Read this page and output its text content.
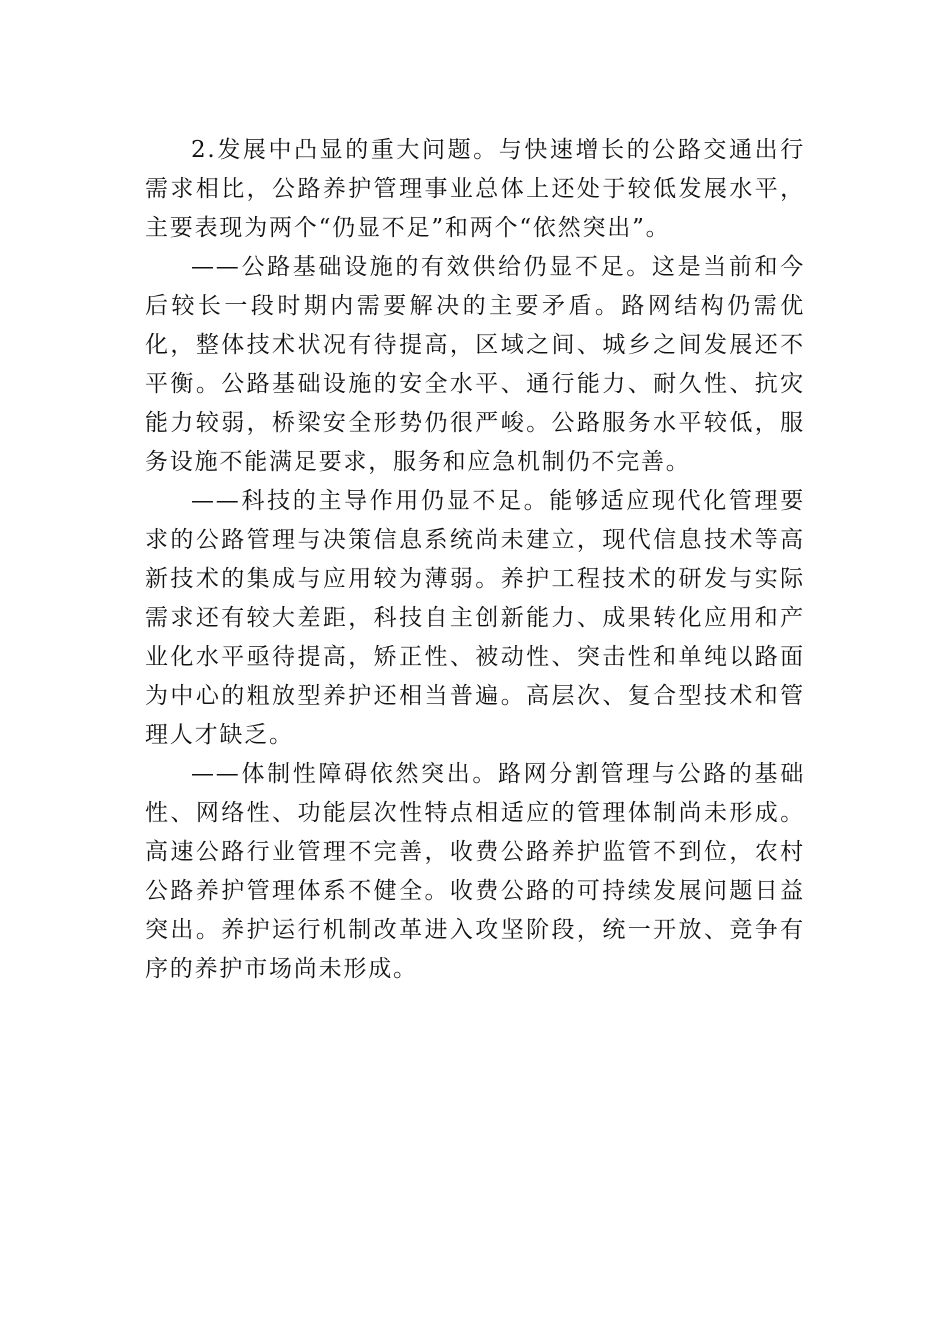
2.发展中凸显的重大问题。与快速增长的公路交通出行需求相比，公路养护管理事业总体上还处于较低发展水平，主要表现为两个“仍显不足”和两个“依然突出”。

——公路基础设施的有效供给仍显不足。这是当前和今后较长一段时期内需要解决的主要矛盾。路网结构仍需优化，整体技术状况有待提高，区域之间、城乡之间发展还不平衡。公路基础设施的安全水平、通行能力、耐久性、抗灾能力较弱，桥梁安全形势仍很严峻。公路服务水平较低，服务设施不能满足要求，服务和应急机制仍不完善。

——科技的主导作用仍显不足。能够适应现代化管理要求的公路管理与决策信息系统尚未建立，现代信息技术等高新技术的集成与应用较为薄弱。养护工程技术的研发与实际需求还有较大差距，科技自主创新能力、成果转化应用和产业化水平亟待提高，矫正性、被动性、突击性和单纯以路面为中心的粗放型养护还相当普遍。高层次、复合型技术和管理人才缺乏。

——体制性障碍依然突出。路网分割管理与公路的基础性、网络性、功能层次性特点相适应的管理体制尚未形成。高速公路行业管理不完善，收费公路养护监管不到位，农村公路养护管理体系不健全。收费公路的可持续发展问题日益突出。养护运行机制改革进入攻坚阶段，统一开放、竞争有序的养护市场尚未形成。
